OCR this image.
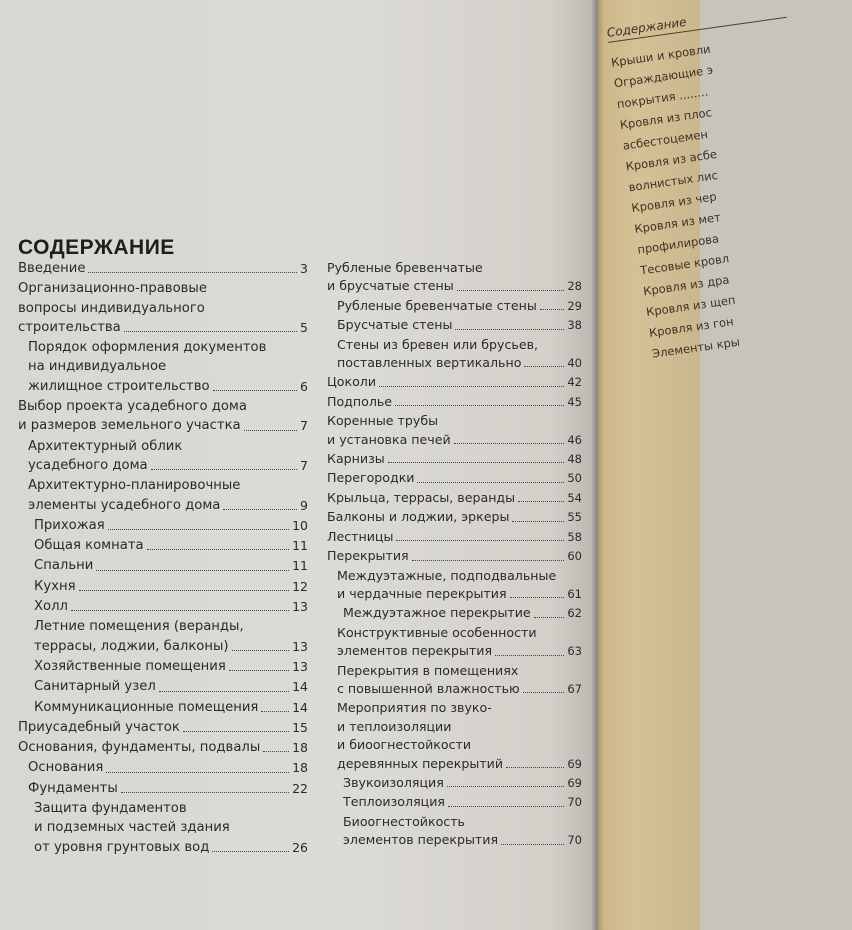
СОДЕРЖАНИЕ
Введение	3
Организационно-правовые
вопросы индивидуального
строительства	5
Порядок оформления документов
на индивидуальное
жилищное строительство	6
Выбор проекта усадебного дома
и размеров земельного участка	7
Архитектурный облик
усадебного дома	7
Архитектурно-планировочные
элементы усадебного дома	9
Прихожая	10
Общая комната	11
Спальни	11
Кухня	12
Холл	13
Летние помещения (веранды,
террасы, лоджии, балконы)	13
Хозяйственные помещения	13
Санитарный узел	14
Коммуникационные помещения	14
Приусадебный участок	15
Основания, фундаменты, подвалы	18
Основания	18
Фундаменты	22
Защита фундаментов
и подземных частей здания
от уровня грунтовых вод	26
Рубленые бревенчатые
и брусчатые стены	28
Рубленые бревенчатые стены	29
Брусчатые стены	38
Стены из бревен или брусьев,
поставленных вертикально	40
Цоколи	42
Подполье	45
Коренные трубы
и установка печей	46
Карнизы	48
Перегородки	50
Крыльца, террасы, веранды	54
Балконы и лоджии, эркеры	55
Лестницы	58
Перекрытия	60
Междуэтажные, подподвальные
и чердачные перекрытия	61
Междуэтажное перекрытие	62
Конструктивные особенности
элементов перекрытия	63
Перекрытия в помещениях
с повышенной влажностью	67
Мероприятия по звуко-
и теплоизоляции
и биоогнестойкости
деревянных перекрытий	69
Звукоизоляция	69
Теплоизоляция	70
Биоогнестойкость
элементов перекрытия	70
Содержание
Крыши и кровли
Ограждающие э
покрытия ........
Кровля из плос
асбестоцемен
Кровля из асбе
волнистых лис
Кровля из чер
Кровля из мет
профилирова
Тесовые кровл
Кровля из дра
Кровля из щеп
Кровля из гон
Элементы кры
